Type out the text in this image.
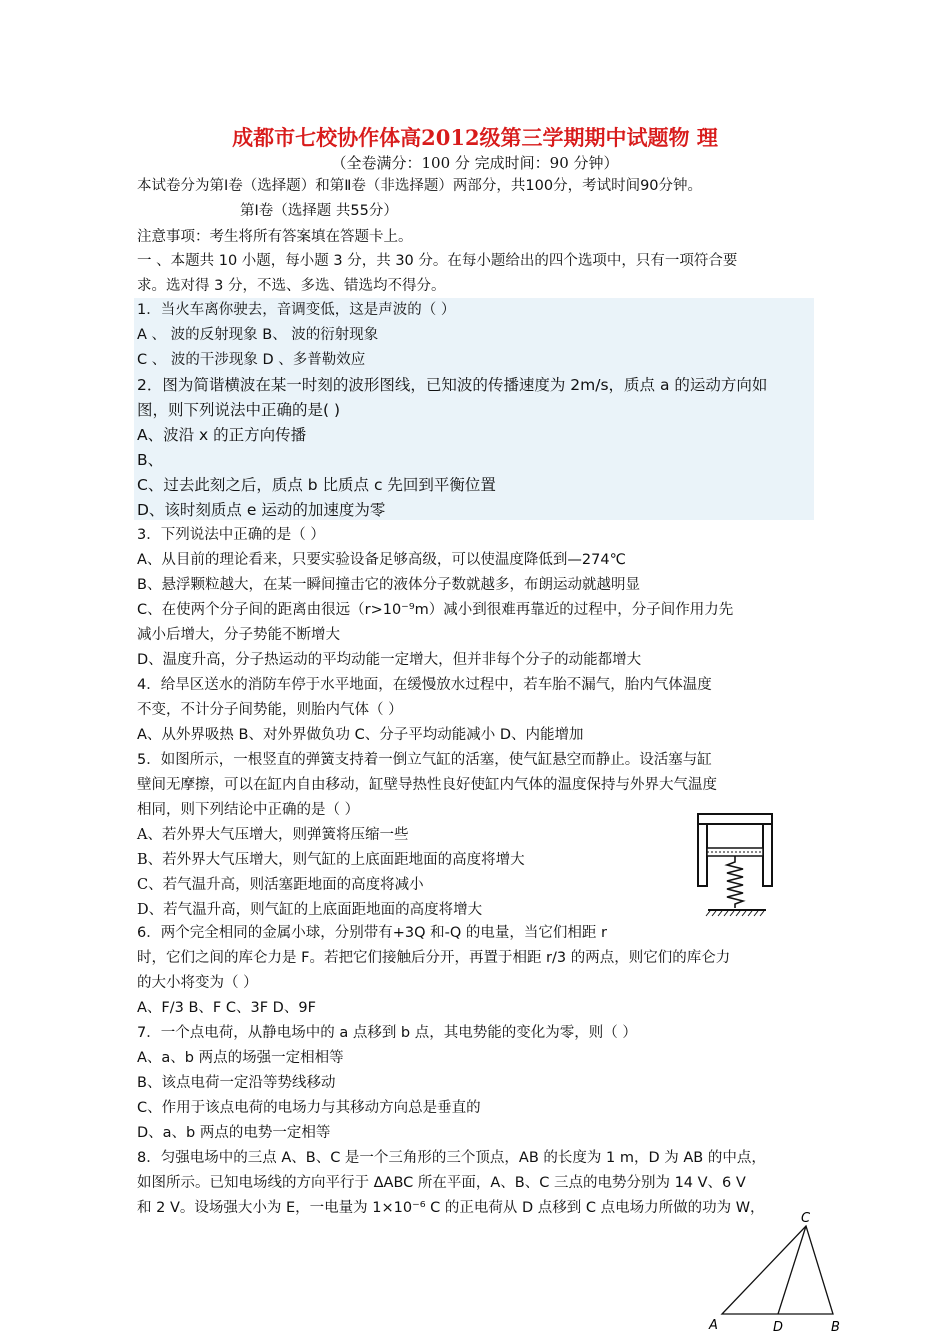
成都市七校协作体高2012级第三学期期中试题物 理
（全卷满分：100 分 完成时间：90 分钟）
本试卷分为第Ⅰ卷（选择题）和第Ⅱ卷（非选择题）两部分，共100分，考试时间90分钟。
第Ⅰ卷（选择题 共55分）
注意事项：考生将所有答案填在答题卡上。
一 、本题共 10 小题，每小题 3 分，共 30 分。在每小题给出的四个选项中，只有一项符合要
求。选对得 3 分，不选、多选、错选均不得分。
1．当火车离你驶去，音调变低，这是声波的（ ）
A 、 波的反射现象 B、 波的衍射现象
C 、 波的干涉现象 D 、多普勒效应
2．图为简谐横波在某一时刻的波形图线，已知波的传播速度为 2m/s，质点 a 的运动方向如
图，则下列说法中正确的是( )
A、波沿 x 的正方向传播
B、
C、过去此刻之后，质点 b 比质点 c 先回到平衡位置
D、该时刻质点 e 运动的加速度为零
3．下列说法中正确的是（ ）
A、从目前的理论看来，只要实验设备足够高级，可以使温度降低到—274℃
B、悬浮颗粒越大，在某一瞬间撞击它的液体分子数就越多，布朗运动就越明显
C、在使两个分子间的距离由很远（r>10⁻⁹m）减小到很难再靠近的过程中，分子间作用力先
减小后增大，分子势能不断增大
D、温度升高，分子热运动的平均动能一定增大，但并非每个分子的动能都增大
4．给旱区送水的消防车停于水平地面，在缓慢放水过程中，若车胎不漏气，胎内气体温度
不变，不计分子间势能，则胎内气体（ ）
A、从外界吸热 B、对外界做负功 C、分子平均动能减小 D、内能增加
5．如图所示，一根竖直的弹簧支持着一倒立气缸的活塞，使气缸悬空而静止。设活塞与缸
壁间无摩擦，可以在缸内自由移动，缸壁导热性良好使缸内气体的温度保持与外界大气温度
相同，则下列结论中正确的是（ ）
A、若外界大气压增大，则弹簧将压缩一些
B、若外界大气压增大，则气缸的上底面距地面的高度将增大
C、若气温升高，则活塞距地面的高度将减小
D、若气温升高，则气缸的上底面距地面的高度将增大
6．两个完全相同的金属小球，分别带有+3Q 和-Q 的电量，当它们相距 r
时，它们之间的库仑力是 F。若把它们接触后分开，再置于相距 r/3 的两点，则它们的库仑力
的大小将变为（ ）
A、F/3 B、F C、3F D、9F
7．一个点电荷，从静电场中的 a 点移到 b 点，其电势能的变化为零，则（ ）
A、a、b 两点的场强一定相相等
B、该点电荷一定沿等势线移动
C、作用于该点电荷的电场力与其移动方向总是垂直的
D、a、b 两点的电势一定相等
8．匀强电场中的三点 A、B、C 是一个三角形的三个顶点，AB 的长度为 1 m，D 为 AB 的中点，
如图所示。已知电场线的方向平行于 ΔABC 所在平面，A、B、C 三点的电势分别为 14 V、6 V
和 2 V。设场强大小为 E，一电量为 1×10⁻⁶ C 的正电荷从 D 点移到 C 点电场力所做的功为 W，
C
A	D	B
